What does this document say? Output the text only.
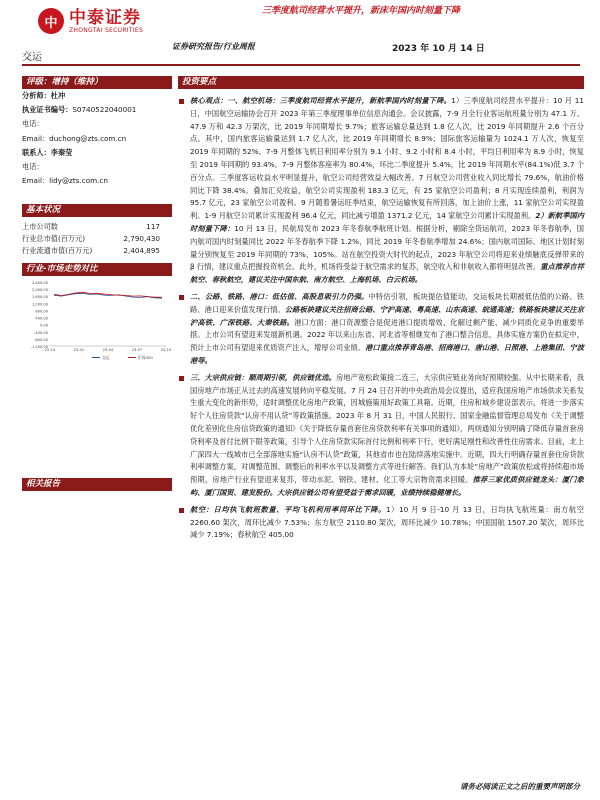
中 中泰证券
ZHONGTAI SECURITIES
三季度航司经营水平提升，新床年国内时刻量下降
交运
证券研究报告/行业周报	2023 年 10 月 14 日
评级：增持（维持）
分析师： 杜冲
执业证书编号： S0740522040001
电话：
Email：duchong@zts.com.cn
联系人： 李秦莹
电话：
Email：lidy@zts.com.cn
基本状况
上市公司数	117
行业总市值(百万元)	2,790,430
行业流通市值(百万元)	2,404,895
行业-市场走势对比
2,400.00
2,000.00
1,600.00
1,200.00
800.00
400.00
0.00
-400.00
-800.00
-1,200.00
22-10	23-01	23-04	23-07	23-10
交运	沪深300
相关报告
投资要点
核心观点：一、航空机场：三季度航司经营水平提升，新航季国内时刻量下降。1）三季度航司经营水平提升：10 月 11 日，中国航空运输协会召开 2023 年第三季度理事单位信息沟通会。会议披露，7-9 月全行业客运航班量分别为 47.1 万、47.9 万和 42.3 万架次，比 2019 年同期增长 9.7%；旅客运输总量达到 1.8 亿人次，比 2019 年同期提升 2.6 个百分点。其中，国内旅客运输量达到 1.7 亿人次，比 2019 年同期增长 8.9%；国际旅客运输量为 1024.1 万人次，恢复至 2019 年同期的 52%。7-9 月整体飞机日利用率分别为 9.1 小时、9.2 小时和 8.4 小时，平均日利用率为 8.9 小时，恢复至 2019 年同期的 93.4%。7-9 月整体客座率为 80.4%，环比二季度提升 5.4%，比 2019 年同期水平(84.1%)低 3.7 个百分点。三季度客运收益水平明显提升，航空公司经营效益大幅改善。7 月航空公司营业收入同比增长 79.6%，航油价格同比下降 38.4%。叠加汇兑收益，航空公司实现盈利 183.3 亿元，有 25 家航空公司盈利；8 月实现连续盈利，利润为 95.7 亿元，23 家航空公司盈利。9 月随着暑运旺季结束，航空运输恢复有所回落，加上油价上涨，11 家航空公司实现盈利。1-9 月航空公司累计实现盈利 96.4 亿元，同比减亏增盈 1371.2 亿元，14 家航空公司累计实现盈利。2）新航季国内时刻量下降：10 月 13 日，民航局发布 2023 年冬春航季航班计划。根据分析，剔除全货运航司，2023 年冬春航季，国内航司国内时刻量同比 2022 年冬春航季下降 1.2%，同比 2019 年冬春航季增加 24.6%；国内航司国际、地区计划时刻量分别恢复至 2019 年同期的 73%、105%。站在航空投资大时代的起点，2023 年航空公司将迎来业绩触底反弹带来的 β 行情，建议重点把握投资机会。此外，机场将受益于航空需求的复苏，航空收入和非航收入都将明显改善。重点推荐吉祥航空、春秋航空，建议关注中国东航、南方航空、上海机场、白云机场。
二、公路、铁路、港口：低估值、高股息吸引力仍强。中特估引领，板块提估值能动，交运板块长期被低估值的公路、铁路、港口迎来价值发现行情。公路板块建议关注招商公路、宁沪高速、粤高速、山东高速、皖通高速；铁路板块建议关注京沪高铁、广深铁路、大秦铁路。港口方面：港口资源整合是促进港口提质增效、化解过剩产能、减少同质化竞争的重要举措。上市公司有望迎来发展新机遇。2022 年以来山东省、河北省等相继发布了港口整合信息，具体实施方案仍在拟定中，预计上市公司有望迎来优质资产注入，增厚公司业绩。港口重点推荐青岛港、招商港口、唐山港、日照港、上港集团、宁波港等。
三、大宗供应链：顺周期引领，供应链优选。房地产宽松政策接二连三，大宗供应链业务向好预期较强。从中长期来看，我国房地产市场正从过去的高速发展转向平稳发展。7 月 24 日召开的中央政治局会议提出，适应我国房地产市场供求关系发生重大变化的新形势，适时调整优化房地产政策，因城施策用好政策工具箱。近期，住房和城乡建设部表示，将进一步落实好个人住房贷款“认房不用认贷”等政策措施。2023 年 8 月 31 日，中国人民银行、国家金融监督管理总局发布《关于调整优化差别化住房信贷政策的通知》《关于降低存量首套住房贷款利率有关事项的通知》，两则通知分别明确了降低存量首套房贷利率及首付比例下限等政策，引导个人住房贷款实际首付比例和利率下行，更好满足刚性和改善性住房需求。目前，北上广深四大一线城市已全部落地实施“认房不认贷”政策，其他省市也在陆续落地实施中。近期，四大行明确存量首套住房贷款利率调整方案，对调整范围、调整后的利率水平以及调整方式等进行解答。我们认为本轮“房地产”政策放松或将持续超市场预期，房地产行业有望迎来复苏，带动水泥、钢铁、建材、化工等大宗物资需求回暖。推荐三家优质供应链龙头：厦门象屿、厦门国贸、建发股份。大宗供应链公司有望受益于需求回暖，业绩持续稳健增长。
航空：日均执飞航班数量、平均飞机利用率同环比下降。1）10 月 9 日-10 月 13 日，日均执飞航班量：南方航空 2260.60 架次，周环比减少 7.53%；东方航空 2110.80 架次，周环比减少 10.78%；中国国航 1507.20 架次，周环比减少 7.19%；春秋航空 405.00
请务必阅读正文之后的重要声明部分
